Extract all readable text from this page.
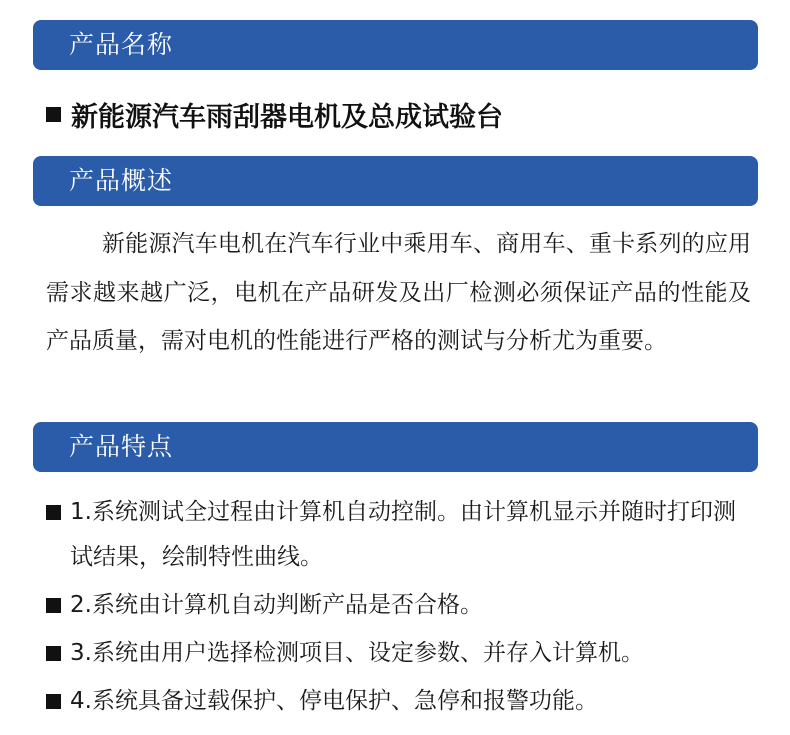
产品名称
新能源汽车雨刮器电机及总成试验台
产品概述

新能源汽车电机在汽车行业中乘用车、商用车、重卡系列的应用需求越来越广泛，电机在产品研发及出厂检测必须保证产品的性能及产品质量，需对电机的性能进行严格的测试与分析尤为重要。

产品特点
1.系统测试全过程由计算机自动控制。由计算机显示并随时打印测试结果，绘制特性曲线。
2.系统由计算机自动判断产品是否合格。
3.系统由用户选择检测项目、设定参数、并存入计算机。
4.系统具备过载保护、停电保护、急停和报警功能。
